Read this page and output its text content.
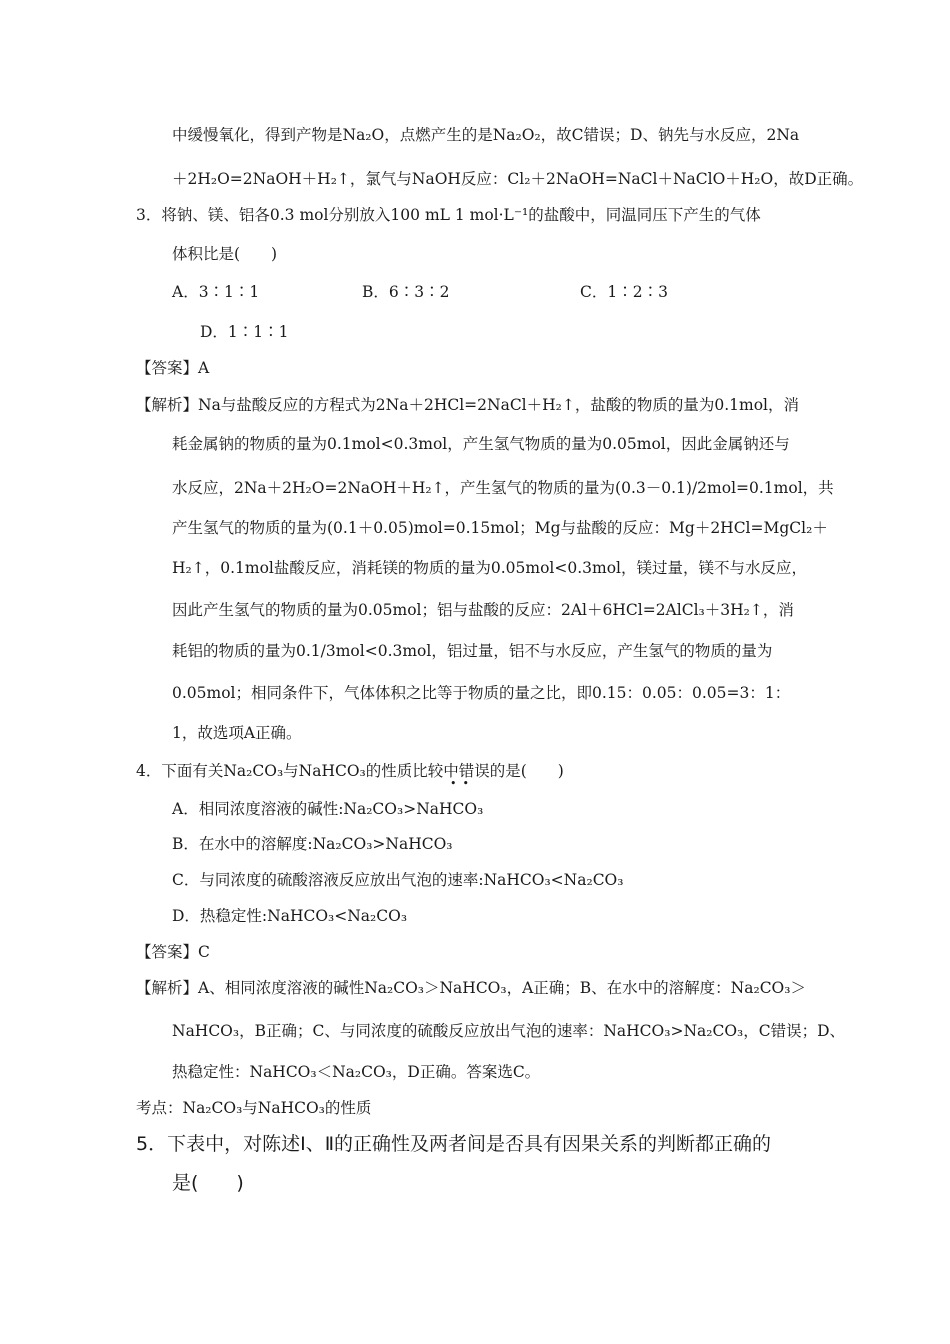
中缓慢氧化，得到产物是Na₂O，点燃产生的是Na₂O₂，故C错误；D、钠先与水反应，2Na
＋2H₂O=2NaOH＋H₂↑，氯气与NaOH反应：Cl₂＋2NaOH=NaCl＋NaClO＋H₂O，故D正确。
3．将钠、镁、铝各0.3 mol分别放入100 mL 1 mol·L⁻¹的盐酸中，同温同压下产生的气体
体积比是(　　)
A．3∶1∶1	B．6∶3∶2	C．1∶2∶3
D．1∶1∶1
【答案】A
【解析】Na与盐酸反应的方程式为2Na＋2HCl=2NaCl＋H₂↑，盐酸的物质的量为0.1mol，消
耗金属钠的物质的量为0.1mol<0.3mol，产生氢气物质的量为0.05mol，因此金属钠还与
水反应，2Na＋2H₂O=2NaOH＋H₂↑，产生氢气的物质的量为(0.3－0.1)/2mol=0.1mol，共
产生氢气的物质的量为(0.1＋0.05)mol=0.15mol；Mg与盐酸的反应：Mg＋2HCl=MgCl₂＋
H₂↑，0.1mol盐酸反应，消耗镁的物质的量为0.05mol<0.3mol，镁过量，镁不与水反应，
因此产生氢气的物质的量为0.05mol；铝与盐酸的反应：2Al＋6HCl=2AlCl₃＋3H₂↑，消
耗铝的物质的量为0.1/3mol<0.3mol，铝过量，铝不与水反应，产生氢气的物质的量为
0.05mol；相同条件下，气体体积之比等于物质的量之比，即0.15：0.05：0.05=3：1：
1，故选项A正确。
4．下面有关Na₂CO₃与NaHCO₃的性质比较中错误的是(　　)
••
A．相同浓度溶液的碱性:Na₂CO₃>NaHCO₃
B．在水中的溶解度:Na₂CO₃>NaHCO₃
C．与同浓度的硫酸溶液反应放出气泡的速率:NaHCO₃<Na₂CO₃
D．热稳定性:NaHCO₃<Na₂CO₃
【答案】C
【解析】A、相同浓度溶液的碱性Na₂CO₃＞NaHCO₃，A正确；B、在水中的溶解度：Na₂CO₃＞
NaHCO₃，B正确；C、与同浓度的硫酸反应放出气泡的速率：NaHCO₃>Na₂CO₃，C错误；D、
热稳定性：NaHCO₃＜Na₂CO₃，D正确。答案选C。
考点：Na₂CO₃与NaHCO₃的性质
5．下表中，对陈述Ⅰ、Ⅱ的正确性及两者间是否具有因果关系的判断都正确的
是(　　)
